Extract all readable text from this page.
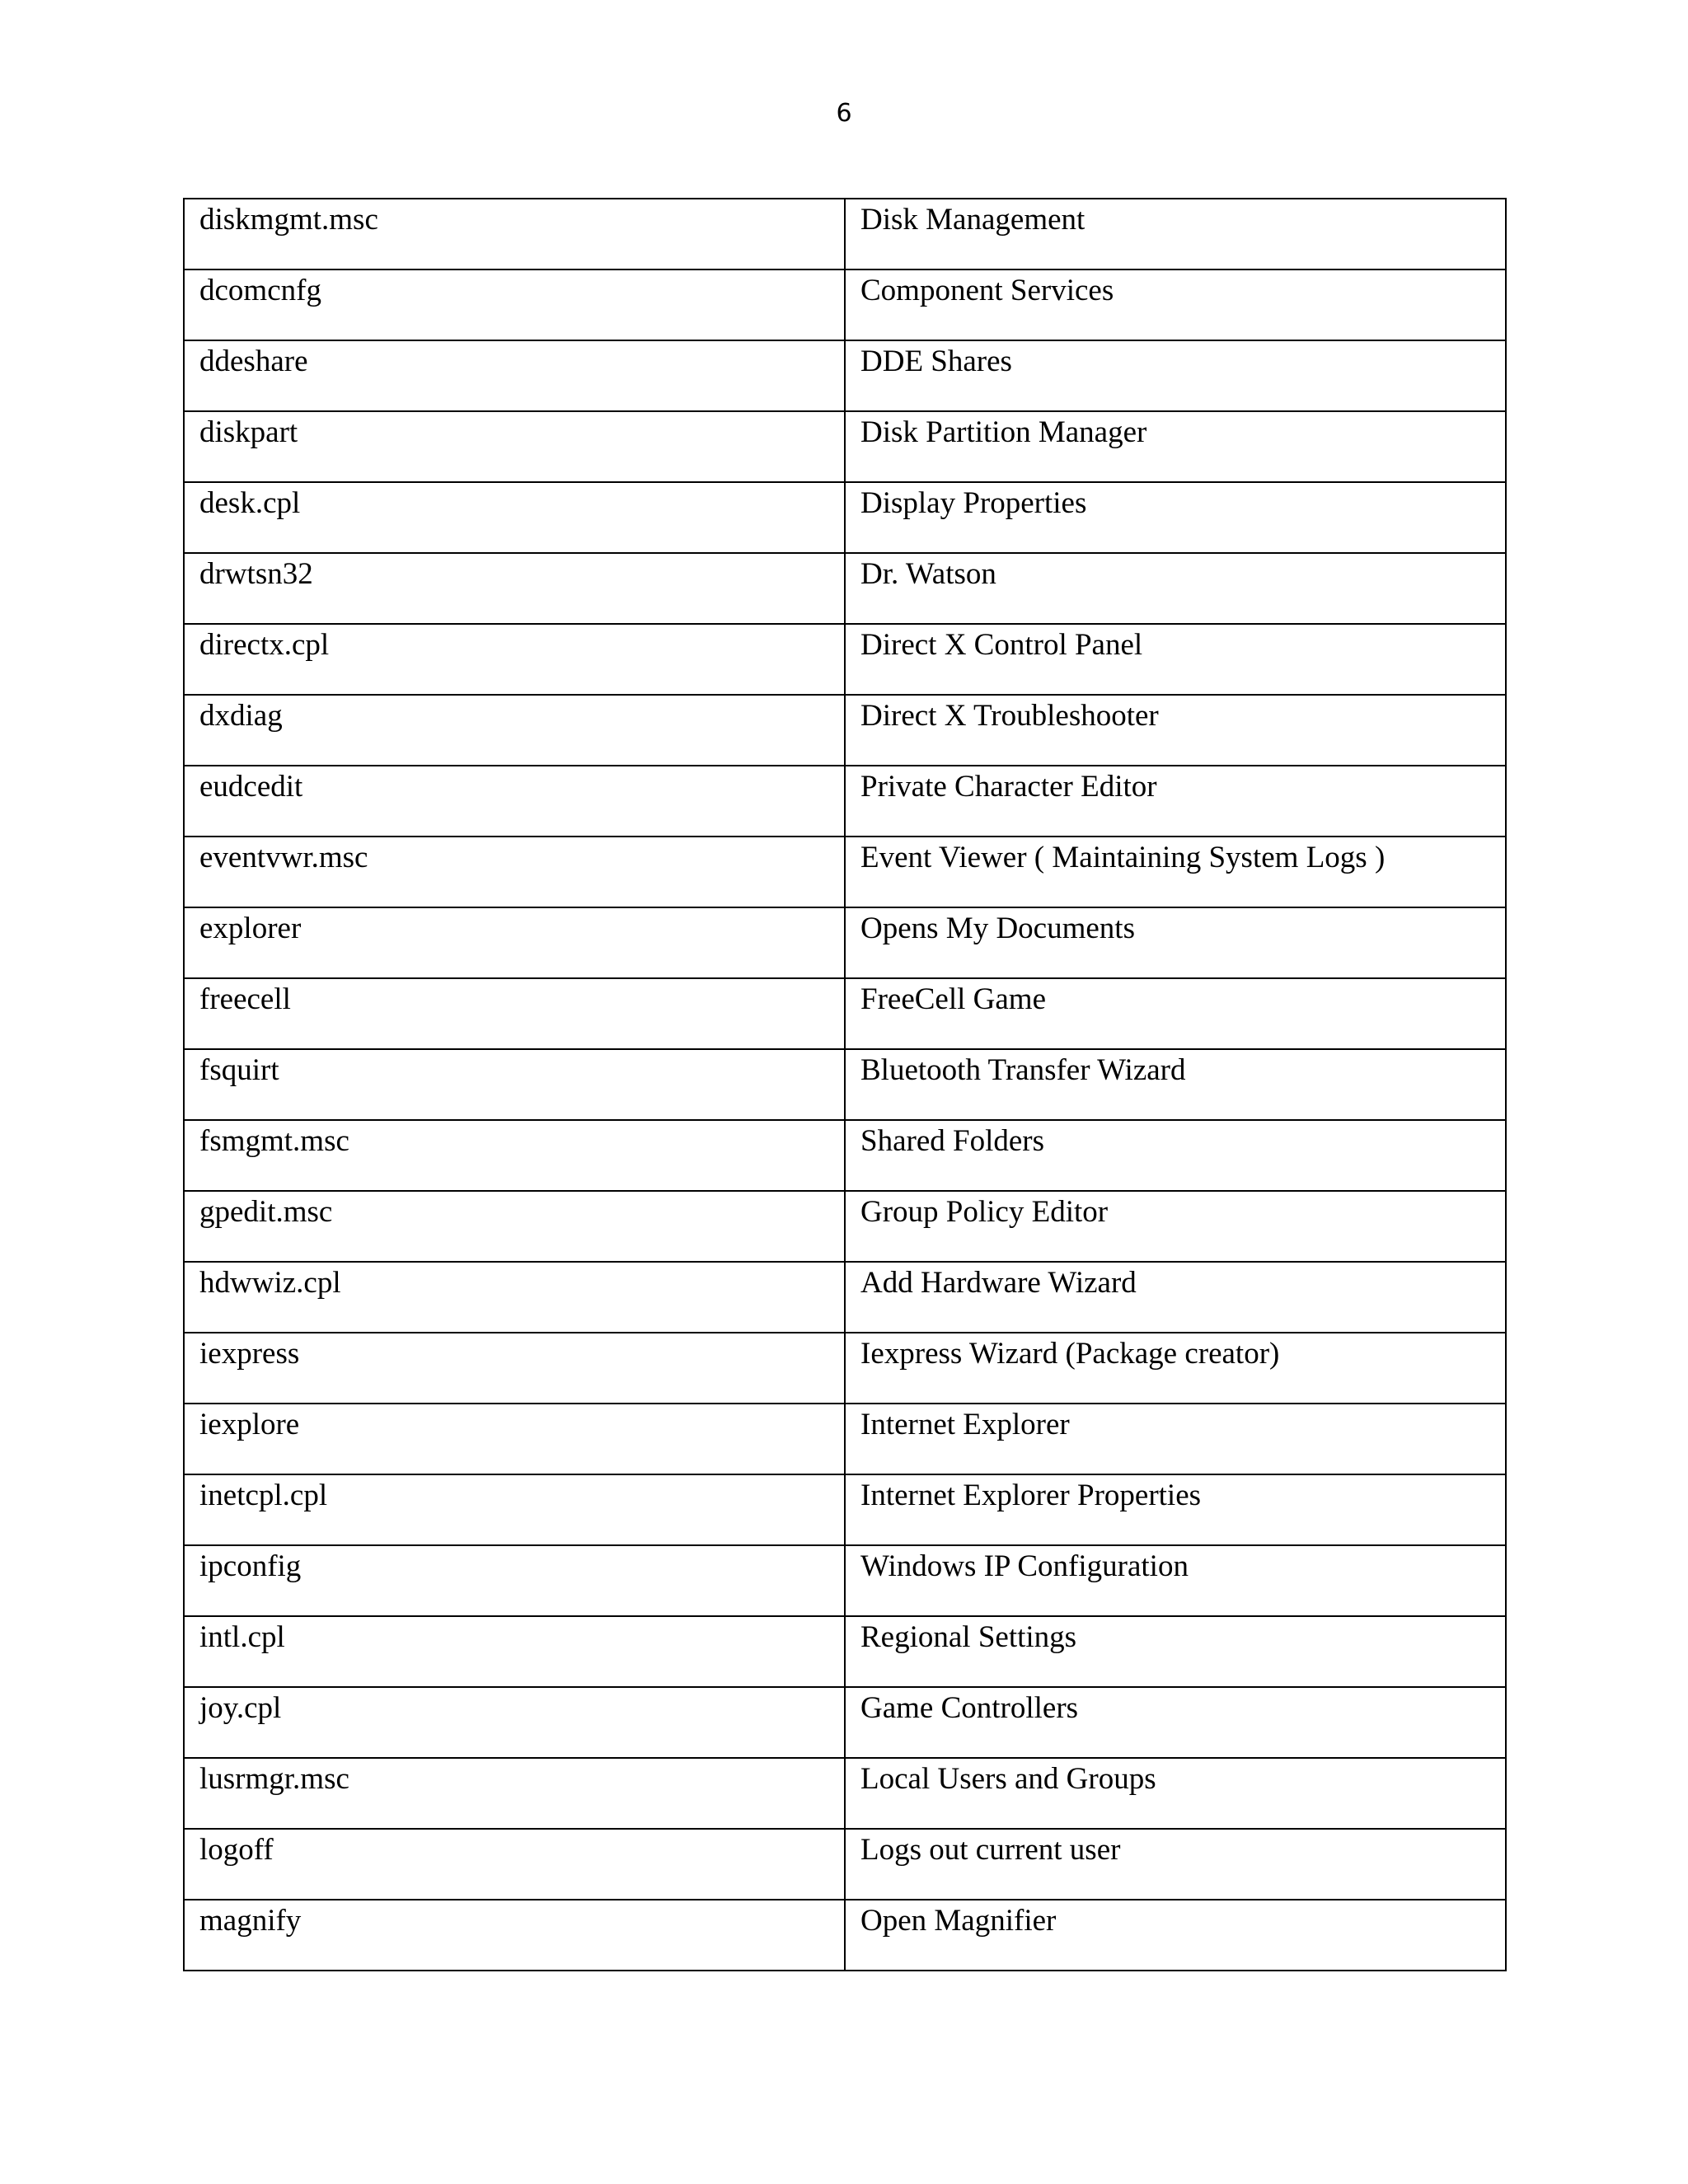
6
diskmgmt.msc	Disk Management
dcomcnfg	Component Services
ddeshare	DDE Shares
diskpart	Disk Partition Manager
desk.cpl	Display Properties
drwtsn32	Dr. Watson
directx.cpl	Direct X Control Panel
dxdiag	Direct X Troubleshooter
eudcedit	Private Character Editor
eventvwr.msc	Event Viewer ( Maintaining System Logs )
explorer	Opens My Documents
freecell	FreeCell Game
fsquirt	Bluetooth Transfer Wizard
fsmgmt.msc	Shared Folders
gpedit.msc	Group Policy Editor
hdwwiz.cpl	Add Hardware Wizard
iexpress	Iexpress Wizard (Package creator)
iexplore	Internet Explorer
inetcpl.cpl	Internet Explorer Properties
ipconfig	Windows IP Configuration
intl.cpl	Regional Settings
joy.cpl	Game Controllers
lusrmgr.msc	Local Users and Groups
logoff	Logs out current user
magnify	Open Magnifier
